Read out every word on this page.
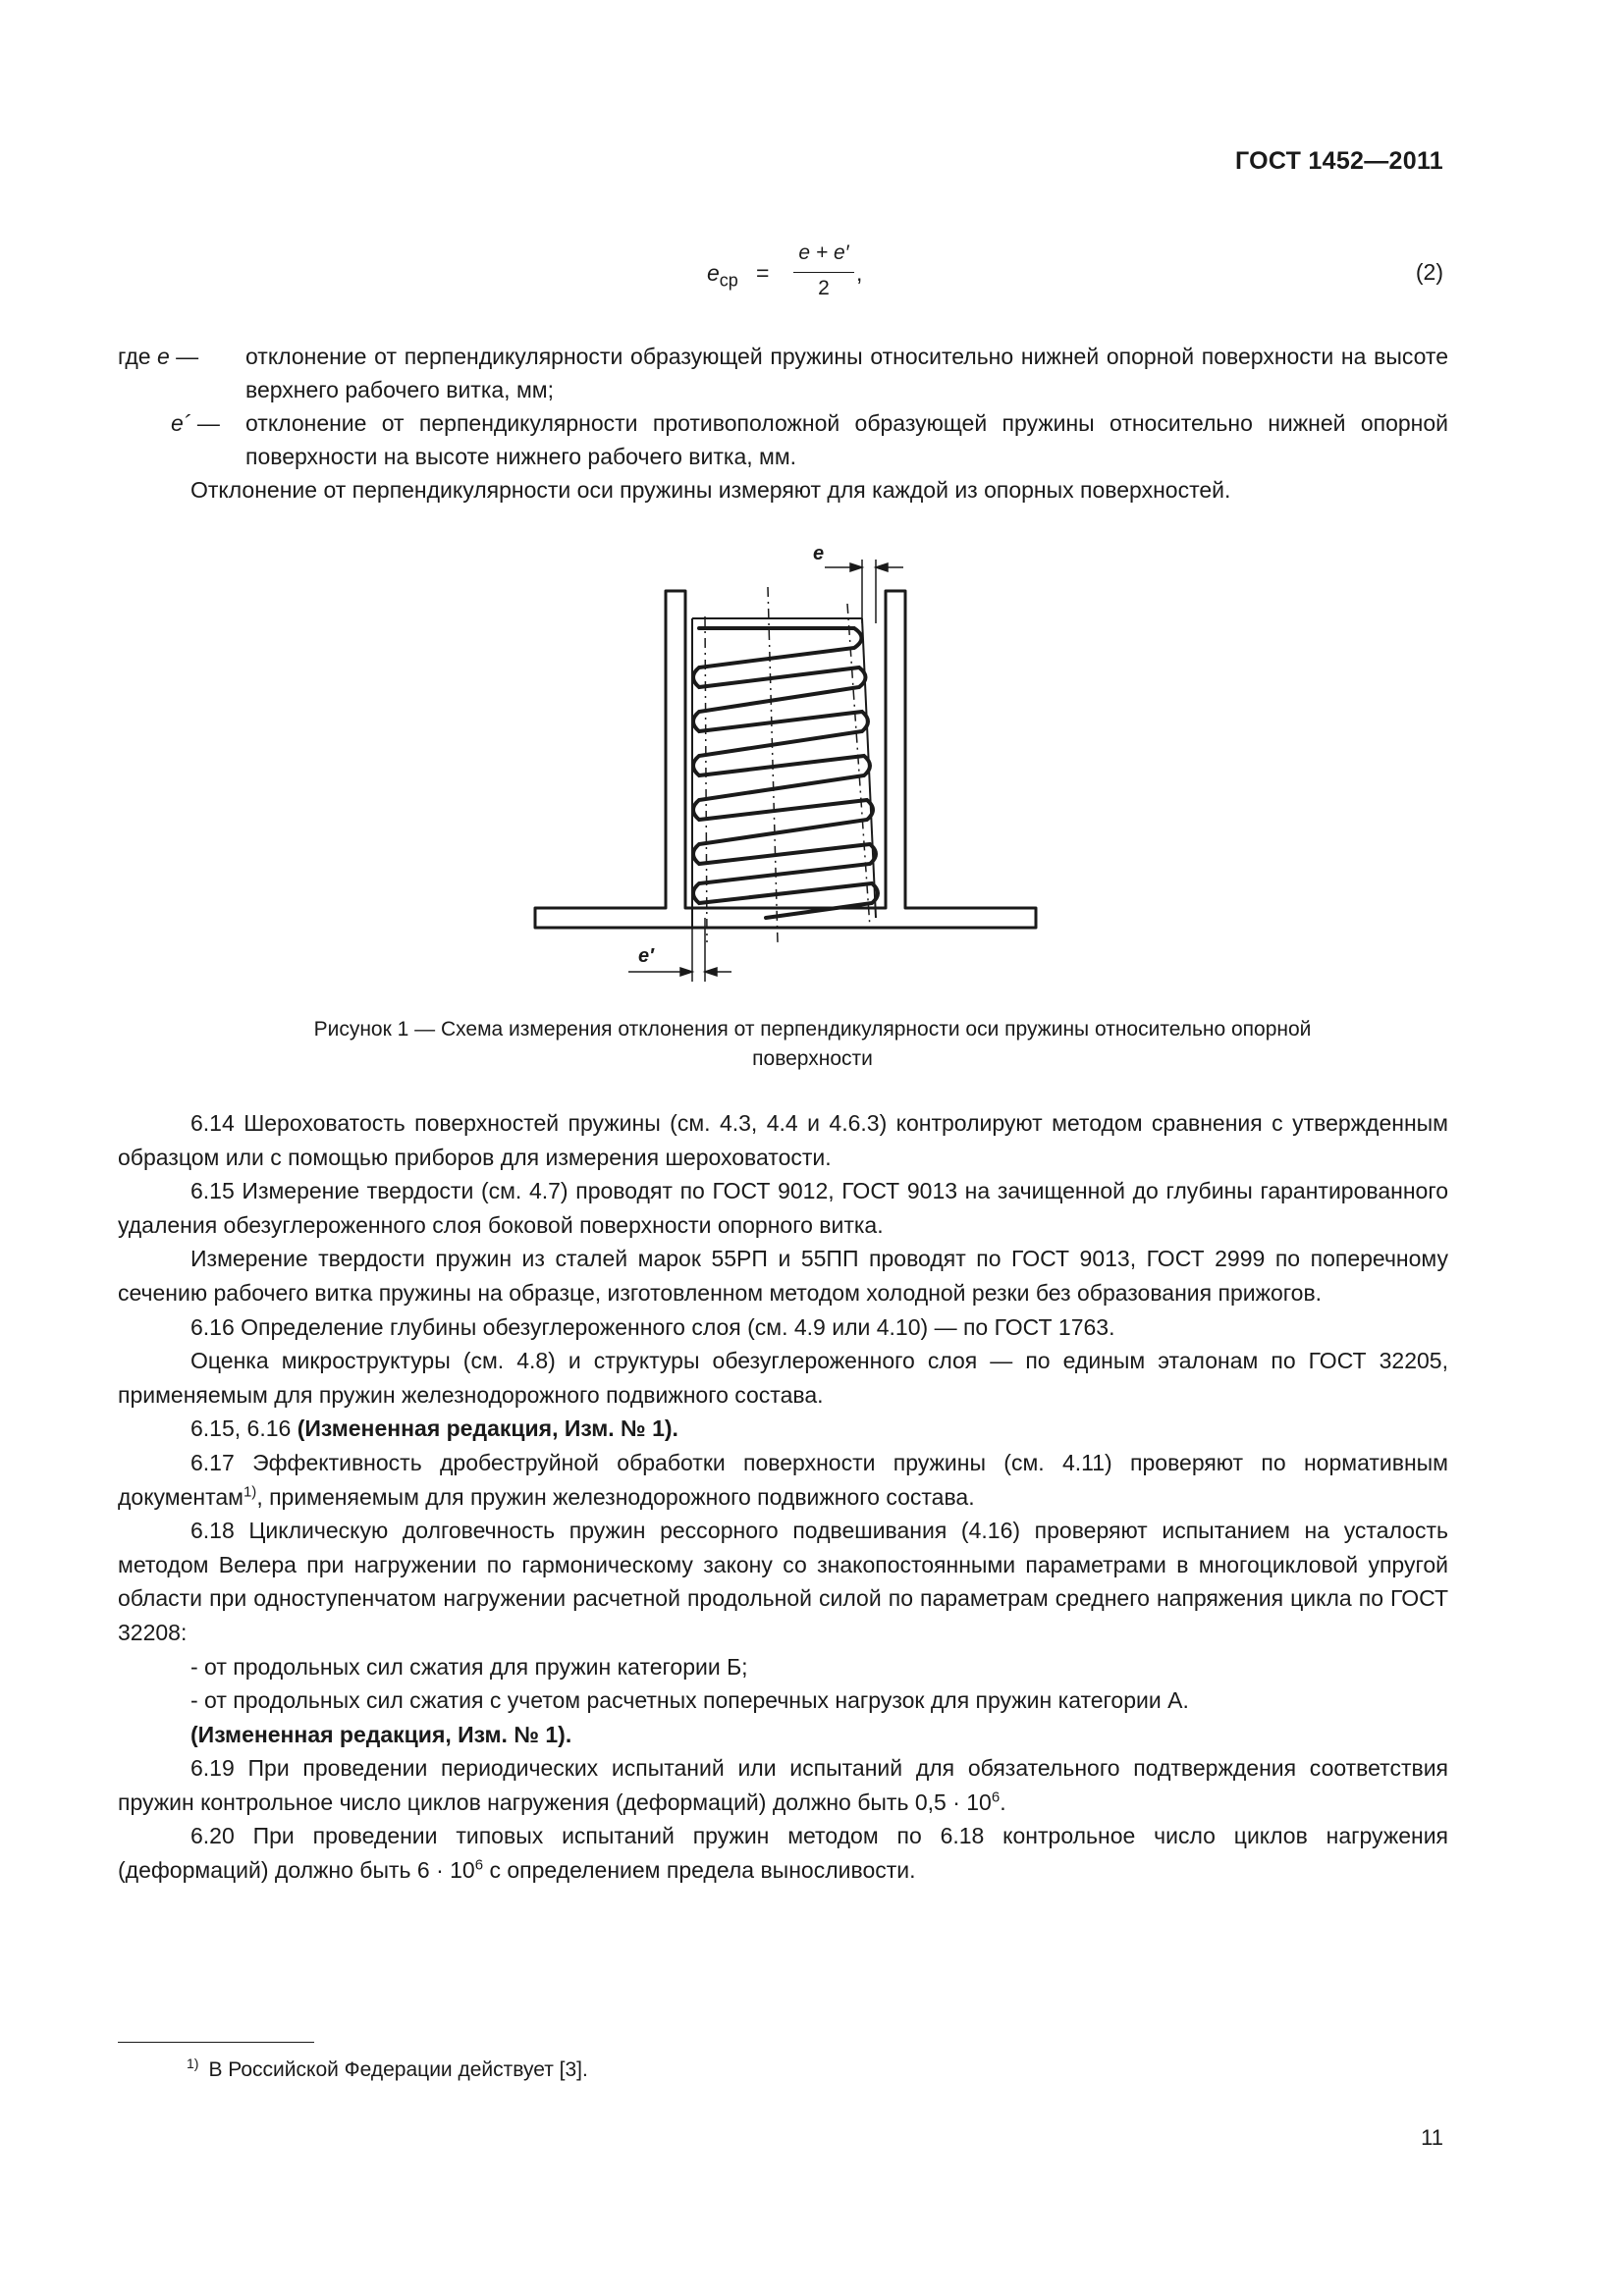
ГОСТ 1452—2011
$e_{ср}$ =
e + e′
2
,	(2)
где e —	отклонение от перпендикулярности образующей пружины относительно нижней опорной поверхности на высоте верхнего рабочего витка, мм;
e´ —	отклонение от перпендикулярности противоположной образующей пружины относительно нижней опорной поверхности на высоте нижнего рабочего витка, мм.
Отклонение от перпендикулярности оси пружины измеряют для каждой из опорных поверхностей.
e
e′
Рисунок 1 — Схема измерения отклонения от перпендикулярности оси пружины относительно опорной
поверхности

6.14 Шероховатость поверхностей пружины (см. 4.3, 4.4 и 4.6.3) контролируют методом сравнения с утвержденным образцом или с помощью приборов для измерения шероховатости.

6.15 Измерение твердости (см. 4.7) проводят по ГОСТ 9012, ГОСТ 9013 на зачищенной до глубины гарантированного удаления обезуглероженного слоя боковой поверхности опорного витка.

Измерение твердости пружин из сталей марок 55РП и 55ПП проводят по ГОСТ 9013, ГОСТ 2999 по поперечному сечению рабочего витка пружины на образце, изготовленном методом холодной резки без образования прижогов.

6.16 Определение глубины обезуглероженного слоя (см. 4.9 или 4.10) — по ГОСТ 1763.

Оценка микроструктуры (см. 4.8) и структуры обезуглероженного слоя — по единым эталонам по ГОСТ 32205, применяемым для пружин железнодорожного подвижного состава.

6.15, 6.16 (Измененная редакция, Изм. № 1).

6.17 Эффективность дробеструйной обработки поверхности пружины (см. 4.11) проверяют по нормативным документам$^{1)}$, применяемым для пружин железнодорожного подвижного состава.

6.18 Циклическую долговечность пружин рессорного подвешивания (4.16) проверяют испытанием на усталость методом Велера при нагружении по гармоническому закону со знакопостоянными параметрами в многоцикловой упругой области при одноступенчатом нагружении расчетной продольной силой по параметрам среднего напряжения цикла по ГОСТ 32208:

- от продольных сил сжатия для пружин категории Б;

- от продольных сил сжатия с учетом расчетных поперечных нагрузок для пружин категории А.

(Измененная редакция, Изм. № 1).

6.19 При проведении периодических испытаний или испытаний для обязательного подтверждения соответствия пружин контрольное число циклов нагружения (деформаций) должно быть $0,5 \cdot 10^6$.

6.20 При проведении типовых испытаний пружин методом по 6.18 контрольное число циклов нагружения (деформаций) должно быть $6 \cdot 10^6$ с определением предела выносливости.

$^{1)}$ В Российской Федерации действует [3].
11
